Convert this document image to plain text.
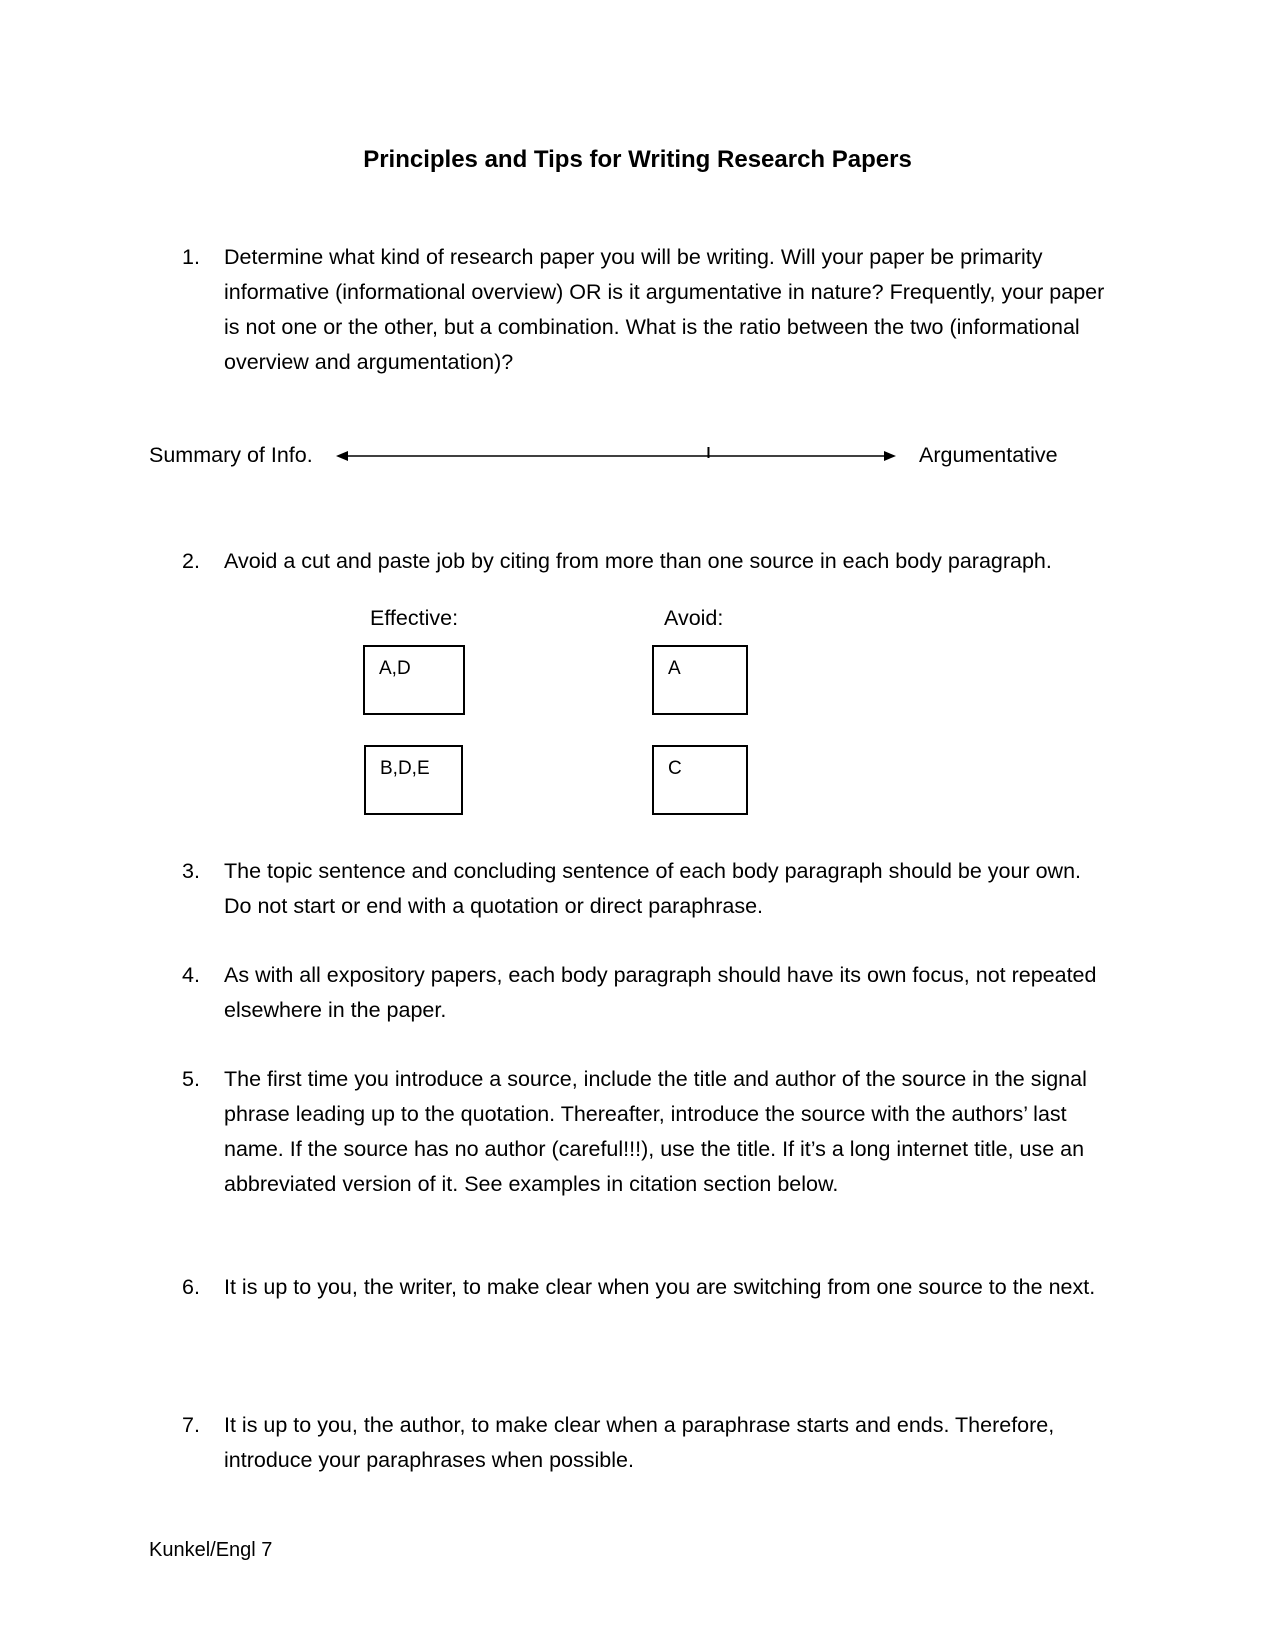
Principles and Tips for Writing Research Papers
1.	Determine what kind of research paper you will be writing. Will your paper be primarity informative (informational overview) OR is it argumentative in nature? Frequently, your paper is not one or the other, but a combination. What is the ratio between the two (informational overview and argumentation)?
Summary of Info.	Argumentative
2.	Avoid a cut and paste job by citing from more than one source in each body paragraph.
Effective:	Avoid:
A,D	A
B,D,E	C
3.	The topic sentence and concluding sentence of each body paragraph should be your own. Do not start or end with a quotation or direct paraphrase.
4.	As with all expository papers, each body paragraph should have its own focus, not repeated elsewhere in the paper.
5.	The first time you introduce a source, include the title and author of the source in the signal phrase leading up to the quotation. Thereafter, introduce the source with the authors’ last name. If the source has no author (careful!!!), use the title. If it’s a long internet title, use an abbreviated version of it. See examples in citation section below.
6.	It is up to you, the writer, to make clear when you are switching from one source to the next.
7.	It is up to you, the author, to make clear when a paraphrase starts and ends. Therefore, introduce your paraphrases when possible.
Kunkel/Engl 7
